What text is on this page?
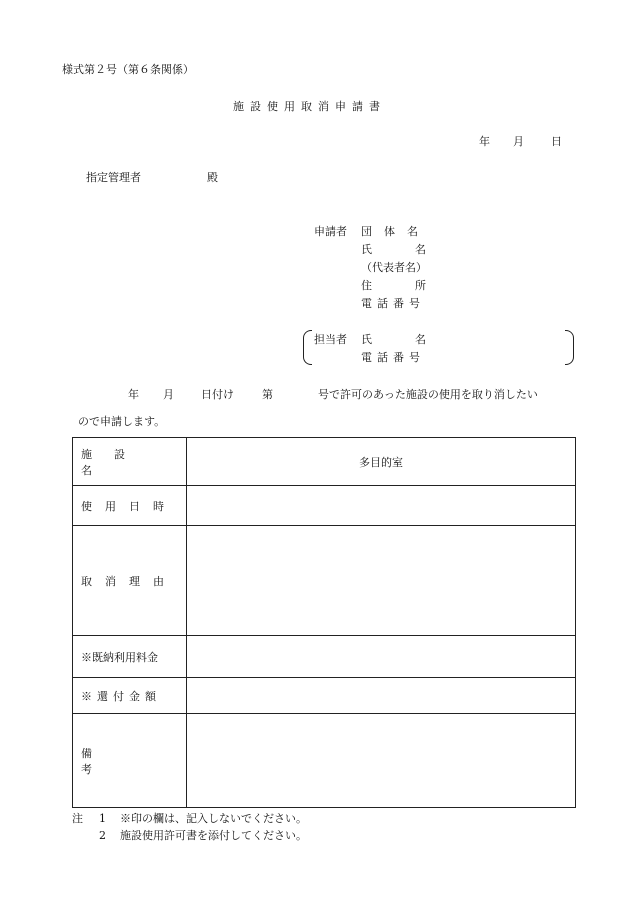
様式第２号（第６条関係）
施設使用取消申請書
年 月 日
指定管理者	殿
申請者 団体名
氏名
（代表者名）
住所
電話番号
担当者 氏名
電話番号
年 月 日付け	第	号で許可のあった施設の使用を取り消したい
ので申請します。
施設名	多目的室

使用日時	

取消理由	

※既納利用料金	

※還付金額	

備考	

注 1 ※印の欄は、記入しないでください。
2 施設使用許可書を添付してください。
